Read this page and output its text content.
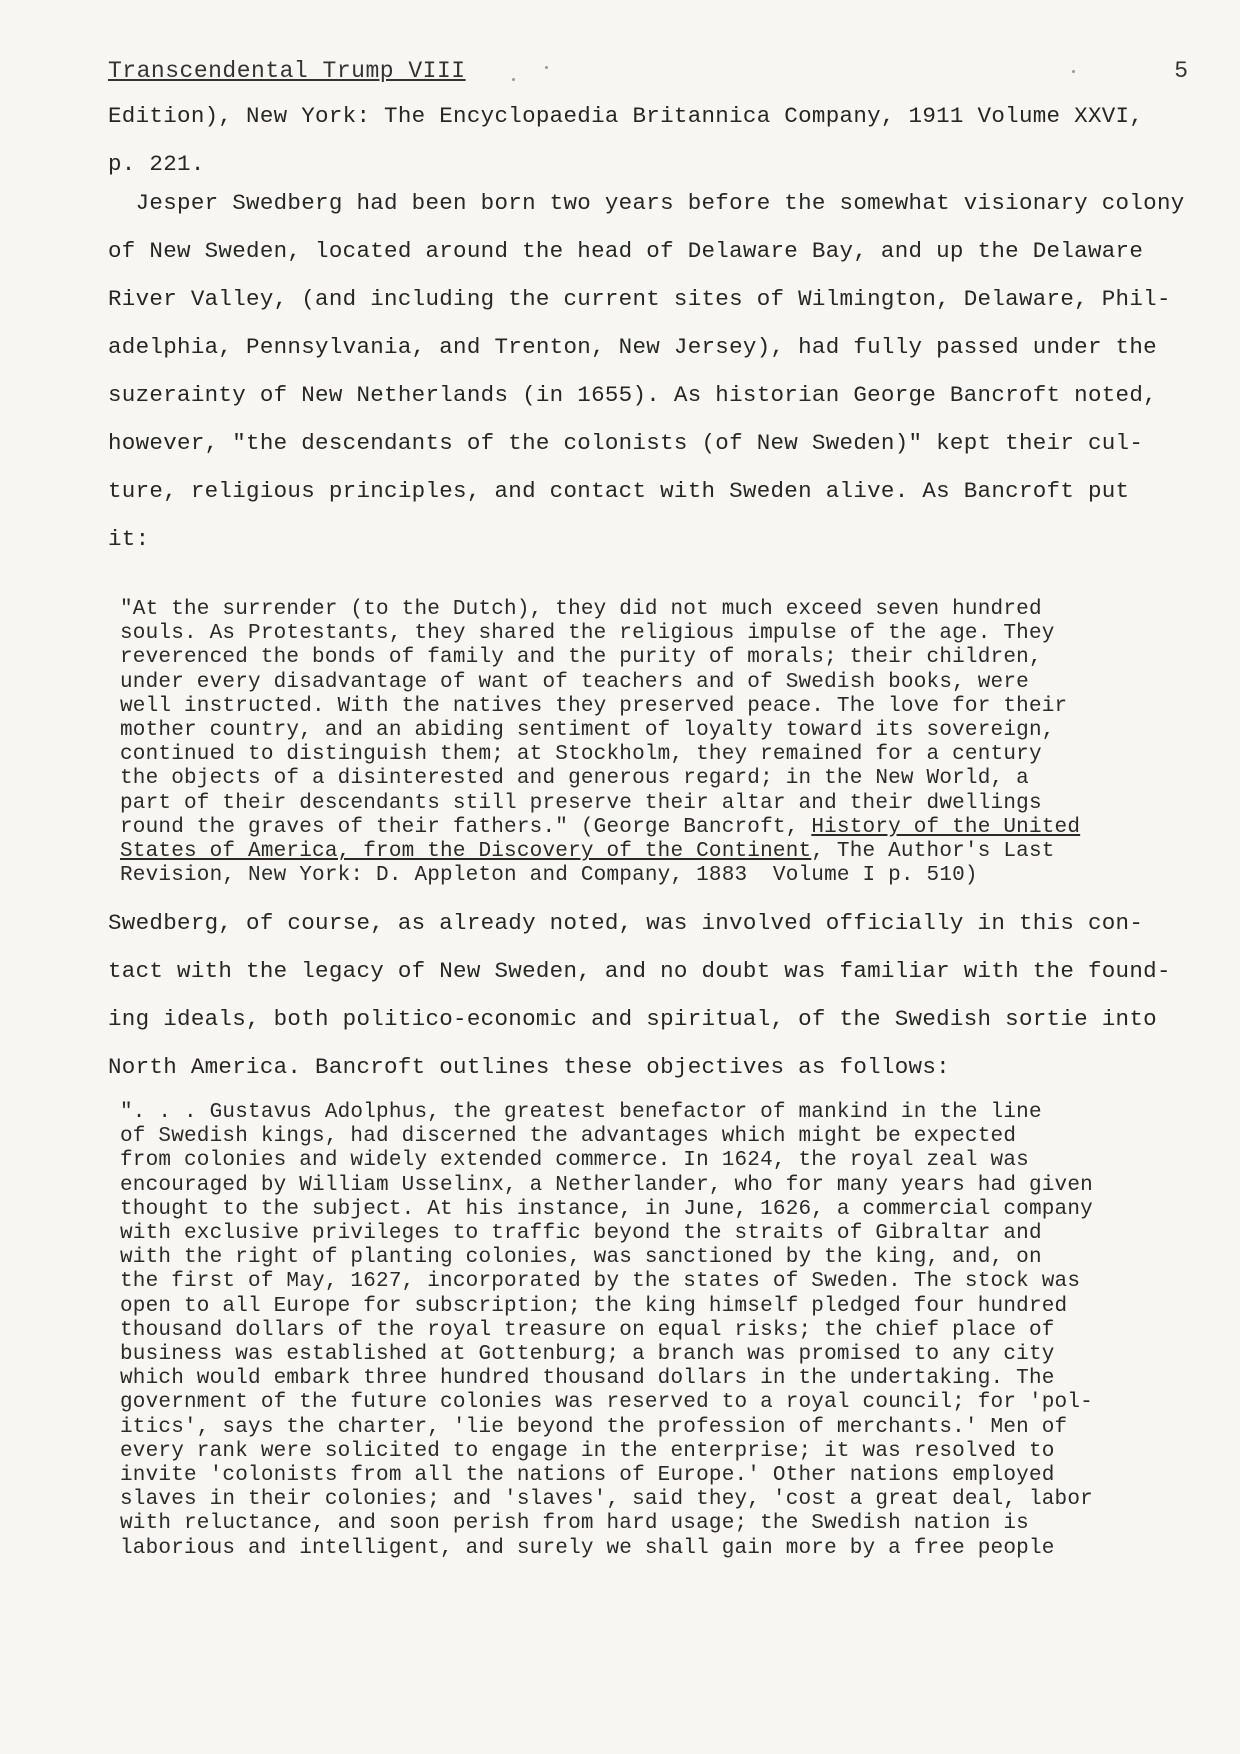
Transcendental Trump VIII	5
Edition), New York: The Encyclopaedia Britannica Company, 1911 Volume XXVI,
p. 221.
Jesper Swedberg had been born two years before the somewhat visionary colony
of New Sweden, located around the head of Delaware Bay, and up the Delaware
River Valley, (and including the current sites of Wilmington, Delaware, Phil-
adelphia, Pennsylvania, and Trenton, New Jersey), had fully passed under the
suzerainty of New Netherlands (in 1655). As historian George Bancroft noted,
however, "the descendants of the colonists (of New Sweden)" kept their cul-
ture, religious principles, and contact with Sweden alive. As Bancroft put
it:
"At the surrender (to the Dutch), they did not much exceed seven hundred
souls. As Protestants, they shared the religious impulse of the age. They
reverenced the bonds of family and the purity of morals; their children,
under every disadvantage of want of teachers and of Swedish books, were
well instructed. With the natives they preserved peace. The love for their
mother country, and an abiding sentiment of loyalty toward its sovereign,
continued to distinguish them; at Stockholm, they remained for a century
the objects of a disinterested and generous regard; in the New World, a
part of their descendants still preserve their altar and their dwellings
round the graves of their fathers." (George Bancroft, History of the United
States of America, from the Discovery of the Continent, The Author's Last
Revision, New York: D. Appleton and Company, 1883  Volume I p. 510)
Swedberg, of course, as already noted, was involved officially in this con-
tact with the legacy of New Sweden, and no doubt was familiar with the found-
ing ideals, both politico-economic and spiritual, of the Swedish sortie into
North America. Bancroft outlines these objectives as follows:
". . . Gustavus Adolphus, the greatest benefactor of mankind in the line
of Swedish kings, had discerned the advantages which might be expected
from colonies and widely extended commerce. In 1624, the royal zeal was
encouraged by William Usselinx, a Netherlander, who for many years had given
thought to the subject. At his instance, in June, 1626, a commercial company
with exclusive privileges to traffic beyond the straits of Gibraltar and
with the right of planting colonies, was sanctioned by the king, and, on
the first of May, 1627, incorporated by the states of Sweden. The stock was
open to all Europe for subscription; the king himself pledged four hundred
thousand dollars of the royal treasure on equal risks; the chief place of
business was established at Gottenburg; a branch was promised to any city
which would embark three hundred thousand dollars in the undertaking. The
government of the future colonies was reserved to a royal council; for 'pol-
itics', says the charter, 'lie beyond the profession of merchants.' Men of
every rank were solicited to engage in the enterprise; it was resolved to
invite 'colonists from all the nations of Europe.' Other nations employed
slaves in their colonies; and 'slaves', said they, 'cost a great deal, labor
with reluctance, and soon perish from hard usage; the Swedish nation is
laborious and intelligent, and surely we shall gain more by a free people
